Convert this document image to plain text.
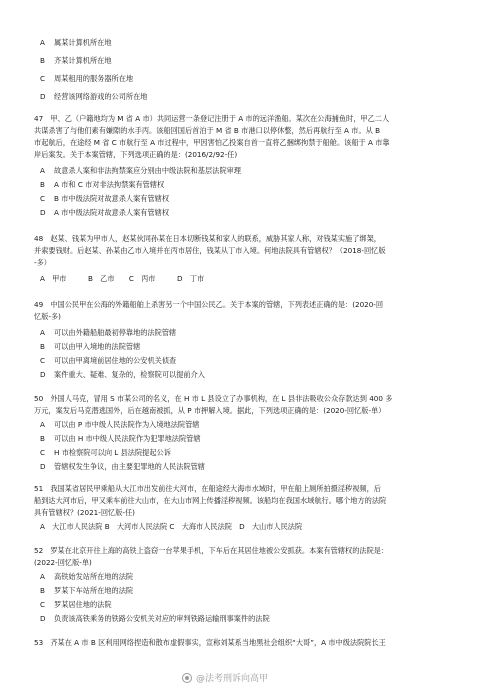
A 属某计算机所在地
B 齐某计算机所在地
C 周某租用的服务器所在地
D 经营该网络游戏的公司所在地
47　甲、乙（户籍地均为 M 省 A 市）共同运营一条登记注册于 A 市的远洋渔船。某次在公海捕鱼时，甲乙二人
共谋杀害了与他们素有嫌隙的水手丙。该船回国后首泊于 M 省 B 市港口以停休整，然后再航行至 A 市。从 B
市起航后，在途经 M 省 C 市航行至 A 市过程中，甲因害怕乙投案自首一直将乙捆绑拘禁于船舱。该船于 A 市靠
岸后案发。关于本案管辖，下列选项正确的是：(2016/2/92-任)
A 故意杀人案和非法拘禁案应分别由中级法院和基层法院审理
B A 市和 C 市对非法拘禁案有管辖权
C B 市中级法院对故意杀人案有管辖权
D A 市中级法院对故意杀人案有管辖权
48　赵某、钱某为甲市人，赵某伙同孙某在日本切断钱某和家人的联系，威胁其家人称，对钱某实施了绑架，
并索要钱财。后赵某、孙某由乙市入境并在丙市居住，钱某从丁市入境。何地法院具有管辖权？（2018-回忆版
-多）
A　甲市　　　B　乙市　　C　丙市　　　D　丁市
49　中国公民甲在公海的外籍船舶上杀害另一个中国公民乙。关于本案的管辖，下列表述正确的是：(2020-回
忆版-多)
A 可以由外籍船舶最初停靠地的法院管辖
B 可以由甲入境地的法院管辖
C 可以由甲离境前居住地的公安机关侦查
D 案件重大、疑难、复杂的，检察院可以提前介入
50　外国人马克，冒用 S 市某公司的名义，在 H 市 L 县设立了办事机构，在 L 县非法吸收公众存款达到 400 多
万元，案发后马克潜逃国外，后在越南被抓，从 P 市押解入境。据此，下列选项正确的是：(2020-回忆版-单）
A 可以由 P 市中级人民法院作为入境地法院管辖
B 可以由 H 市中级人民法院作为犯罪地法院管辖
C H 市检察院可以向 L 县法院提起公诉
D 管辖权发生争议，由主要犯罪地的人民法院管辖
51　我国某省居民甲乘船从大江市出发前往大河市，在船途经大海市水域时，甲在船上厕所拍摄淫秽视频，后
船到达大河市后，甲又乘车前往大山市，在大山市网上传播淫秽视频。该船均在我国水域航行。哪个地方的法院
具有管辖权？(2021-回忆版-任)
A　大江市人民法院 B　大河市人民法院 C　大海市人民法院　D　大山市人民法院
52　罗某在北京开往上海的高铁上盗窃一台苹果手机，下车后在其居住地被公安抓获。本案有管辖权的法院是：
(2022-回忆版-单)
A 高铁始发站所在地的法院
B 罗某下车站所在地的法院
C 罗某居住地的法院
D 负责该高铁乘务的铁路公安机关对应的审判铁路运输刑事案件的法院
53　齐某在 A 市 B 区利用网络捏造和散布虚假事实，宣称刘某系当地黑社会组织“大哥”，A 市中级法院院长王
@法考刑诉向高甲
